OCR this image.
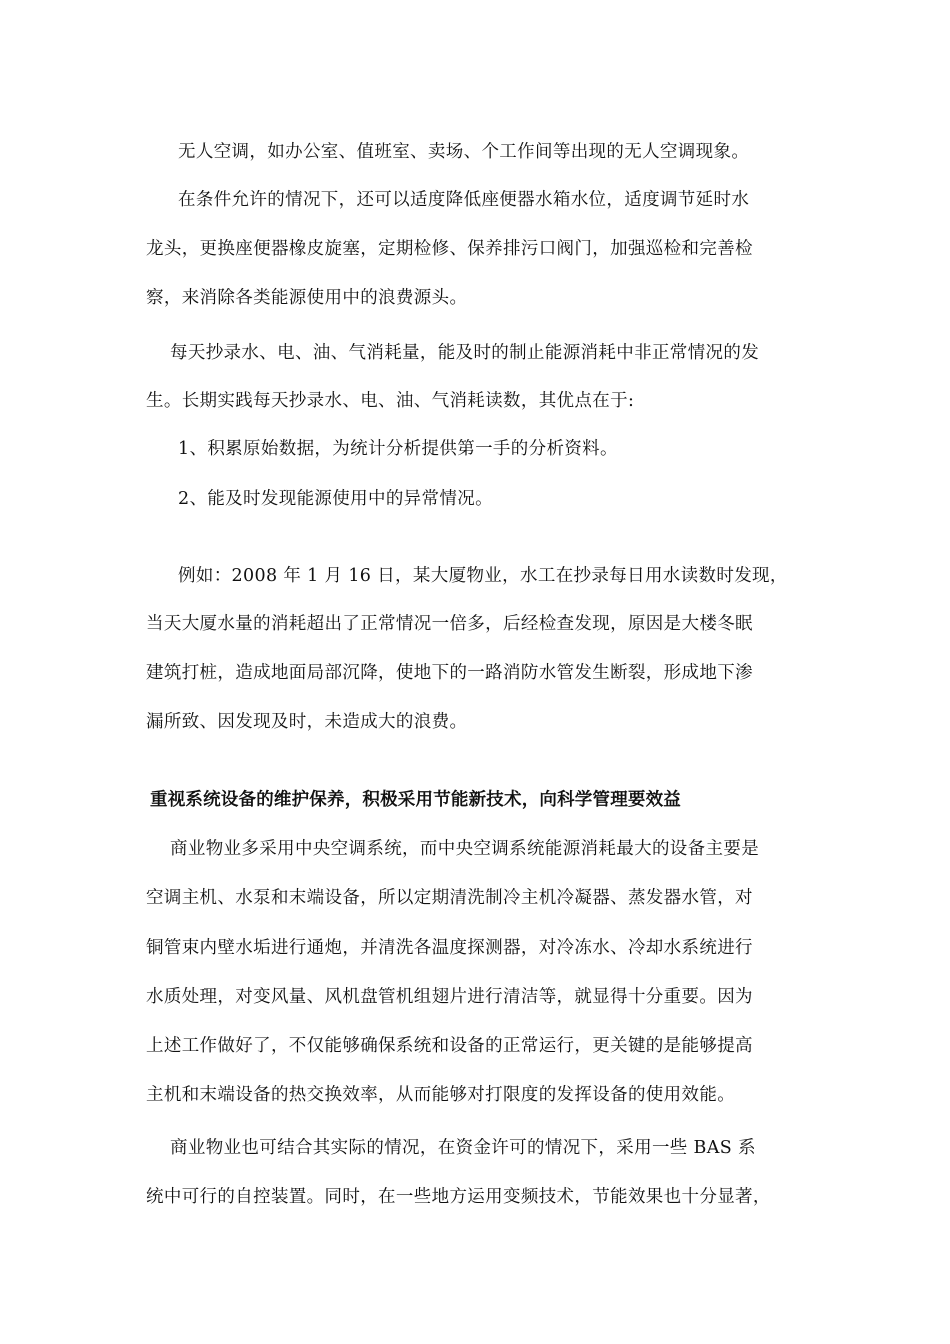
无人空调，如办公室、值班室、卖场、个工作间等出现的无人空调现象。
在条件允许的情况下，还可以适度降低座便器水箱水位，适度调节延时水
龙头，更换座便器橡皮旋塞，定期检修、保养排污口阀门，加强巡检和完善检
察，来消除各类能源使用中的浪费源头。
每天抄录水、电、油、气消耗量，能及时的制止能源消耗中非正常情况的发
生。长期实践每天抄录水、电、油、气消耗读数，其优点在于:
1、积累原始数据，为统计分析提供第一手的分析资料。
2、能及时发现能源使用中的异常情况。
例如：2008 年 1 月 16 日，某大厦物业，水工在抄录每日用水读数时发现，
当天大厦水量的消耗超出了正常情况一倍多，后经检查发现，原因是大楼冬眠
建筑打桩，造成地面局部沉降，使地下的一路消防水管发生断裂，形成地下渗
漏所致、因发现及时，未造成大的浪费。
重视系统设备的维护保养，积极采用节能新技术，向科学管理要效益
商业物业多采用中央空调系统，而中央空调系统能源消耗最大的设备主要是
空调主机、水泵和末端设备，所以定期清洗制冷主机冷凝器、蒸发器水管，对
铜管束内壁水垢进行通炮，并清洗各温度探测器，对冷冻水、冷却水系统进行
水质处理，对变风量、风机盘管机组翅片进行清洁等，就显得十分重要。因为
上述工作做好了，不仅能够确保系统和设备的正常运行，更关键的是能够提高
主机和末端设备的热交换效率，从而能够对打限度的发挥设备的使用效能。
商业物业也可结合其实际的情况，在资金许可的情况下，采用一些 BAS 系
统中可行的自控装置。同时，在一些地方运用变频技术，节能效果也十分显著，
